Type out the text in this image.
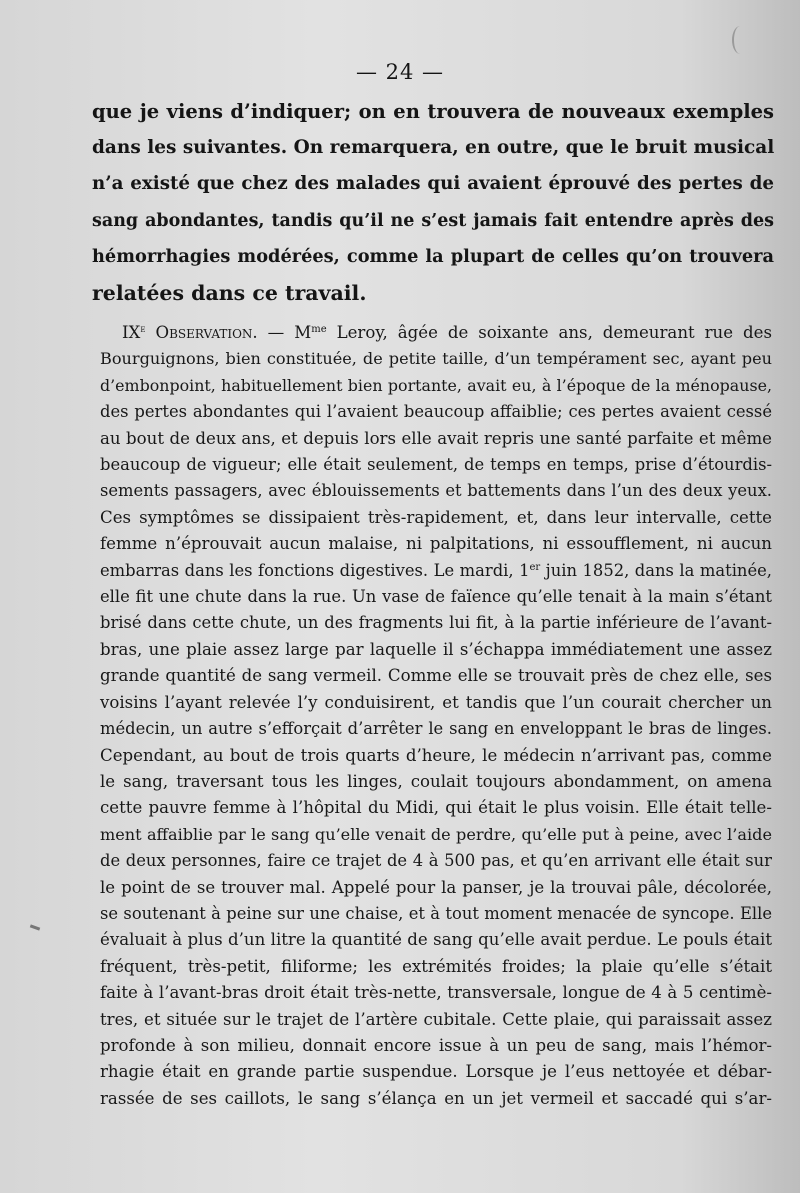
— 24 —
que je viens d’indiquer; on en trouvera de nouveaux exemples
dans les suivantes. On remarquera, en outre, que le bruit musical
n’a existé que chez des malades qui avaient éprouvé des pertes de
sang abondantes, tandis qu’il ne s’est jamais fait entendre après des
hémorrhagies modérées, comme la plupart de celles qu’on trouvera
relatées dans ce travail.
IXe Observation. — $M^{me}$ Leroy, âgée de soixante ans, demeurant rue des
Bourguignons, bien constituée, de petite taille, d’un tempérament sec, ayant peu
d’embonpoint, habituellement bien portante, avait eu, à l’époque de la ménopause,
des pertes abondantes qui l’avaient beaucoup affaiblie; ces pertes avaient cessé
au bout de deux ans, et depuis lors elle avait repris une santé parfaite et même
beaucoup de vigueur; elle était seulement, de temps en temps, prise d’étourdis-
sements passagers, avec éblouissements et battements dans l’un des deux yeux.
Ces symptômes se dissipaient très-rapidement, et, dans leur intervalle, cette
femme n’éprouvait aucun malaise, ni palpitations, ni essoufflement, ni aucun
embarras dans les fonctions digestives. Le mardi, 1er juin 1852, dans la matinée,
elle fit une chute dans la rue. Un vase de faïence qu’elle tenait à la main s’étant
brisé dans cette chute, un des fragments lui fit, à la partie inférieure de l’avant-
bras, une plaie assez large par laquelle il s’échappa immédiatement une assez
grande quantité de sang vermeil. Comme elle se trouvait près de chez elle, ses
voisins l’ayant relevée l’y conduisirent, et tandis que l’un courait chercher un
médecin, un autre s’efforçait d’arrêter le sang en enveloppant le bras de linges.
Cependant, au bout de trois quarts d’heure, le médecin n’arrivant pas, comme
le sang, traversant tous les linges, coulait toujours abondamment, on amena
cette pauvre femme à l’hôpital du Midi, qui était le plus voisin. Elle était telle-
ment affaiblie par le sang qu’elle venait de perdre, qu’elle put à peine, avec l’aide
de deux personnes, faire ce trajet de 4 à 500 pas, et qu’en arrivant elle était sur
le point de se trouver mal. Appelé pour la panser, je la trouvai pâle, décolorée,
se soutenant à peine sur une chaise, et à tout moment menacée de syncope. Elle
évaluait à plus d’un litre la quantité de sang qu’elle avait perdue. Le pouls était
fréquent, très-petit, filiforme; les extrémités froides; la plaie qu’elle s’était
faite à l’avant-bras droit était très-nette, transversale, longue de 4 à 5 centimè-
tres, et située sur le trajet de l’artère cubitale. Cette plaie, qui paraissait assez
profonde à son milieu, donnait encore issue à un peu de sang, mais l’hémor-
rhagie était en grande partie suspendue. Lorsque je l’eus nettoyée et débar-
rassée de ses caillots, le sang s’élança en un jet vermeil et saccadé qui s’ar-
